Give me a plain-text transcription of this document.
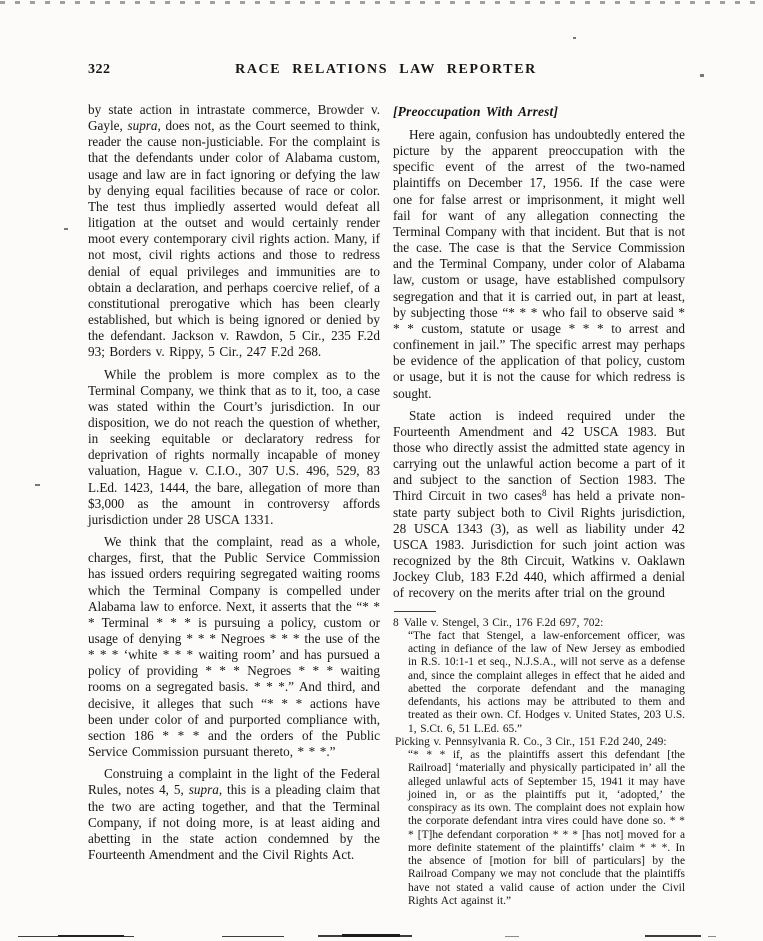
322	RACE RELATIONS LAW REPORTER

by state action in intrastate commerce, Browder v. Gayle, supra, does not, as the Court seemed to think, reader the cause non-justiciable. For the complaint is that the defendants under color of Alabama custom, usage and law are in fact ignoring or defying the law by denying equal facilities because of race or color. The test thus impliedly asserted would defeat all litigation at the outset and would certainly render moot every contemporary civil rights action. Many, if not most, civil rights actions and those to redress denial of equal privileges and immunities are to obtain a declaration, and perhaps coercive relief, of a constitutional prerogative which has been clearly established, but which is being ignored or denied by the defendant. Jackson v. Rawdon, 5 Cir., 235 F.2d 93; Borders v. Rippy, 5 Cir., 247 F.2d 268.

While the problem is more complex as to the Terminal Company, we think that as to it, too, a case was stated within the Court’s jurisdiction. In our disposition, we do not reach the question of whether, in seeking equitable or declaratory redress for deprivation of rights normally incapable of money valuation, Hague v. C.I.O., 307 U.S. 496, 529, 83 L.Ed. 1423, 1444, the bare, allegation of more than $3,000 as the amount in controversy affords jurisdiction under 28 USCA 1331.

We think that the complaint, read as a whole, charges, first, that the Public Service Commission has issued orders requiring segregated waiting rooms which the Terminal Company is compelled under Alabama law to enforce. Next, it asserts that the “* * * Terminal * * * is pursuing a policy, custom or usage of denying * * * Negroes * * * the use of the * * * ‘white * * * waiting room’ and has pursued a policy of providing * * * Negroes * * * waiting rooms on a segregated basis. * * *.” And third, and decisive, it alleges that such “* * * actions have been under color of and purported compliance with, section 186 * * * and the orders of the Public Service Commission pursuant thereto, * * *.”

Construing a complaint in the light of the Federal Rules, notes 4, 5, supra, this is a pleading claim that the two are acting together, and that the Terminal Company, if not doing more, is at least aiding and abetting in the state action condemned by the Fourteenth Amendment and the Civil Rights Act.

[Preoccupation With Arrest]

Here again, confusion has undoubtedly entered the picture by the apparent preoccupation with the specific event of the arrest of the two-named plaintiffs on December 17, 1956. If the case were one for false arrest or imprisonment, it might well fail for want of any allegation connecting the Terminal Company with that incident. But that is not the case. The case is that the Service Commission and the Terminal Company, under color of Alabama law, custom or usage, have established compulsory segregation and that it is carried out, in part at least, by subjecting those “* * * who fail to observe said * * * custom, statute or usage * * * to arrest and confinement in jail.” The specific arrest may perhaps be evidence of the application of that policy, custom or usage, but it is not the cause for which redress is sought.

State action is indeed required under the Fourteenth Amendment and 42 USCA 1983. But those who directly assist the admitted state agency in carrying out the unlawful action become a part of it and subject to the sanction of Section 1983. The Third Circuit in two cases$^8$ has held a private non-state party subject both to Civil Rights jurisdiction, 28 USCA 1343 (3), as well as liability under 42 USCA 1983. Jurisdiction for such joint action was recognized by the 8th Circuit, Watkins v. Oaklawn Jockey Club, 183 F.2d 440, which affirmed a denial of recovery on the merits after trial on the ground

8 Valle v. Stengel, 3 Cir., 176 F.2d 697, 702:

“The fact that Stengel, a law-enforcement officer, was acting in defiance of the law of New Jersey as embodied in R.S. 10:1-1 et seq., N.J.S.A., will not serve as a defense and, since the complaint alleges in effect that he aided and abetted the corporate defendant and the managing defendants, his actions may be attributed to them and treated as their own. Cf. Hodges v. United States, 203 U.S. 1, S.Ct. 6, 51 L.Ed. 65.”

Picking v. Pennsylvania R. Co., 3 Cir., 151 F.2d 240, 249:

“* * * if, as the plaintiffs assert this defendant [the Railroad] ‘materially and physically participated in’ all the alleged unlawful acts of September 15, 1941 it may have joined in, or as the plaintiffs put it, ‘adopted,’ the conspiracy as its own. The complaint does not explain how the corporate defendant intra vires could have done so. * * * [T]he defendant corporation * * * [has not] moved for a more definite statement of the plaintiffs’ claim * * *. In the absence of [motion for bill of particulars] by the Railroad Company we may not conclude that the plaintiffs have not stated a valid cause of action under the Civil Rights Act against it.”
